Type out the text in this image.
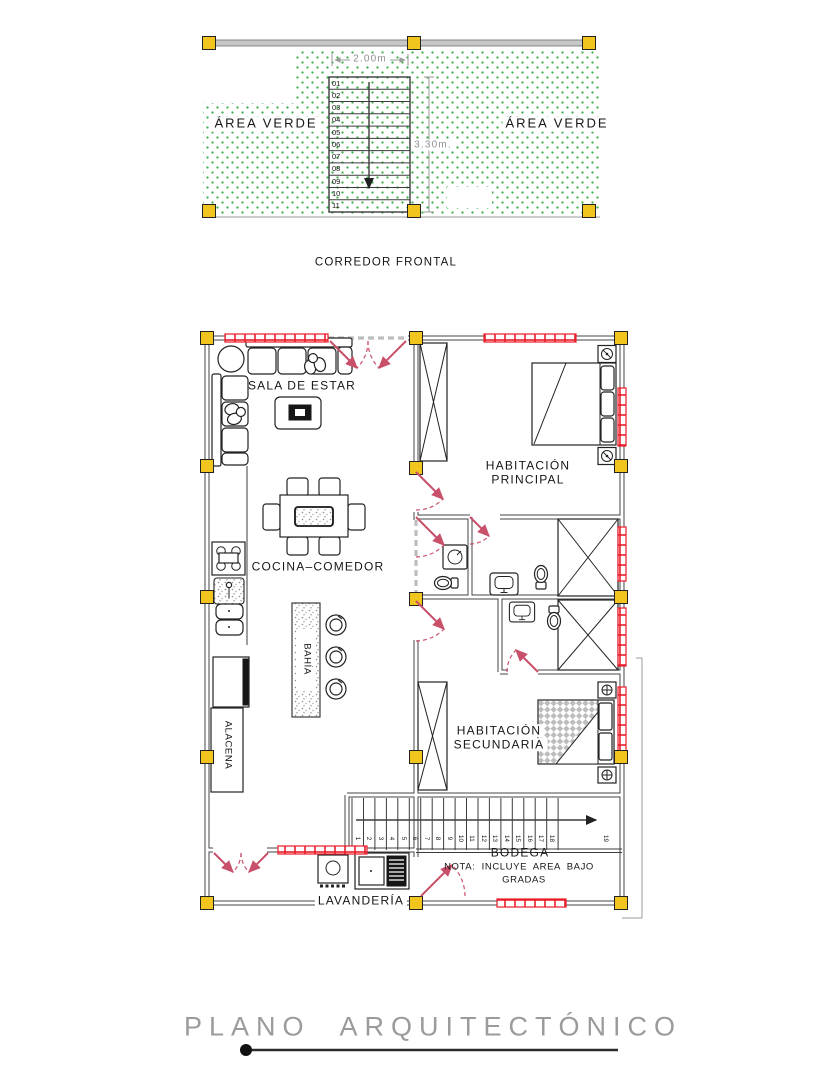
ÁREA VERDE	ÁREA VERDE
2.00m
3.30m.
CORREDOR FRONTAL
01
02
03
04
05
06
07
08
09
10
11
SALA DE ESTAR
HABITACIÓN
PRINCIPAL
COCINA–COMEDOR
BAHÍA
ALACENA	HABITACIÓN
SECUNDARIA
BODEGA
NOTA: INCLUYE AREA BAJO
GRADAS
LAVANDERÍA
1 2 3 4 5 6 7 8 9 10 11 12 13 14 15 16 17 18	19
PLANO ARQUITECTÓNICO
